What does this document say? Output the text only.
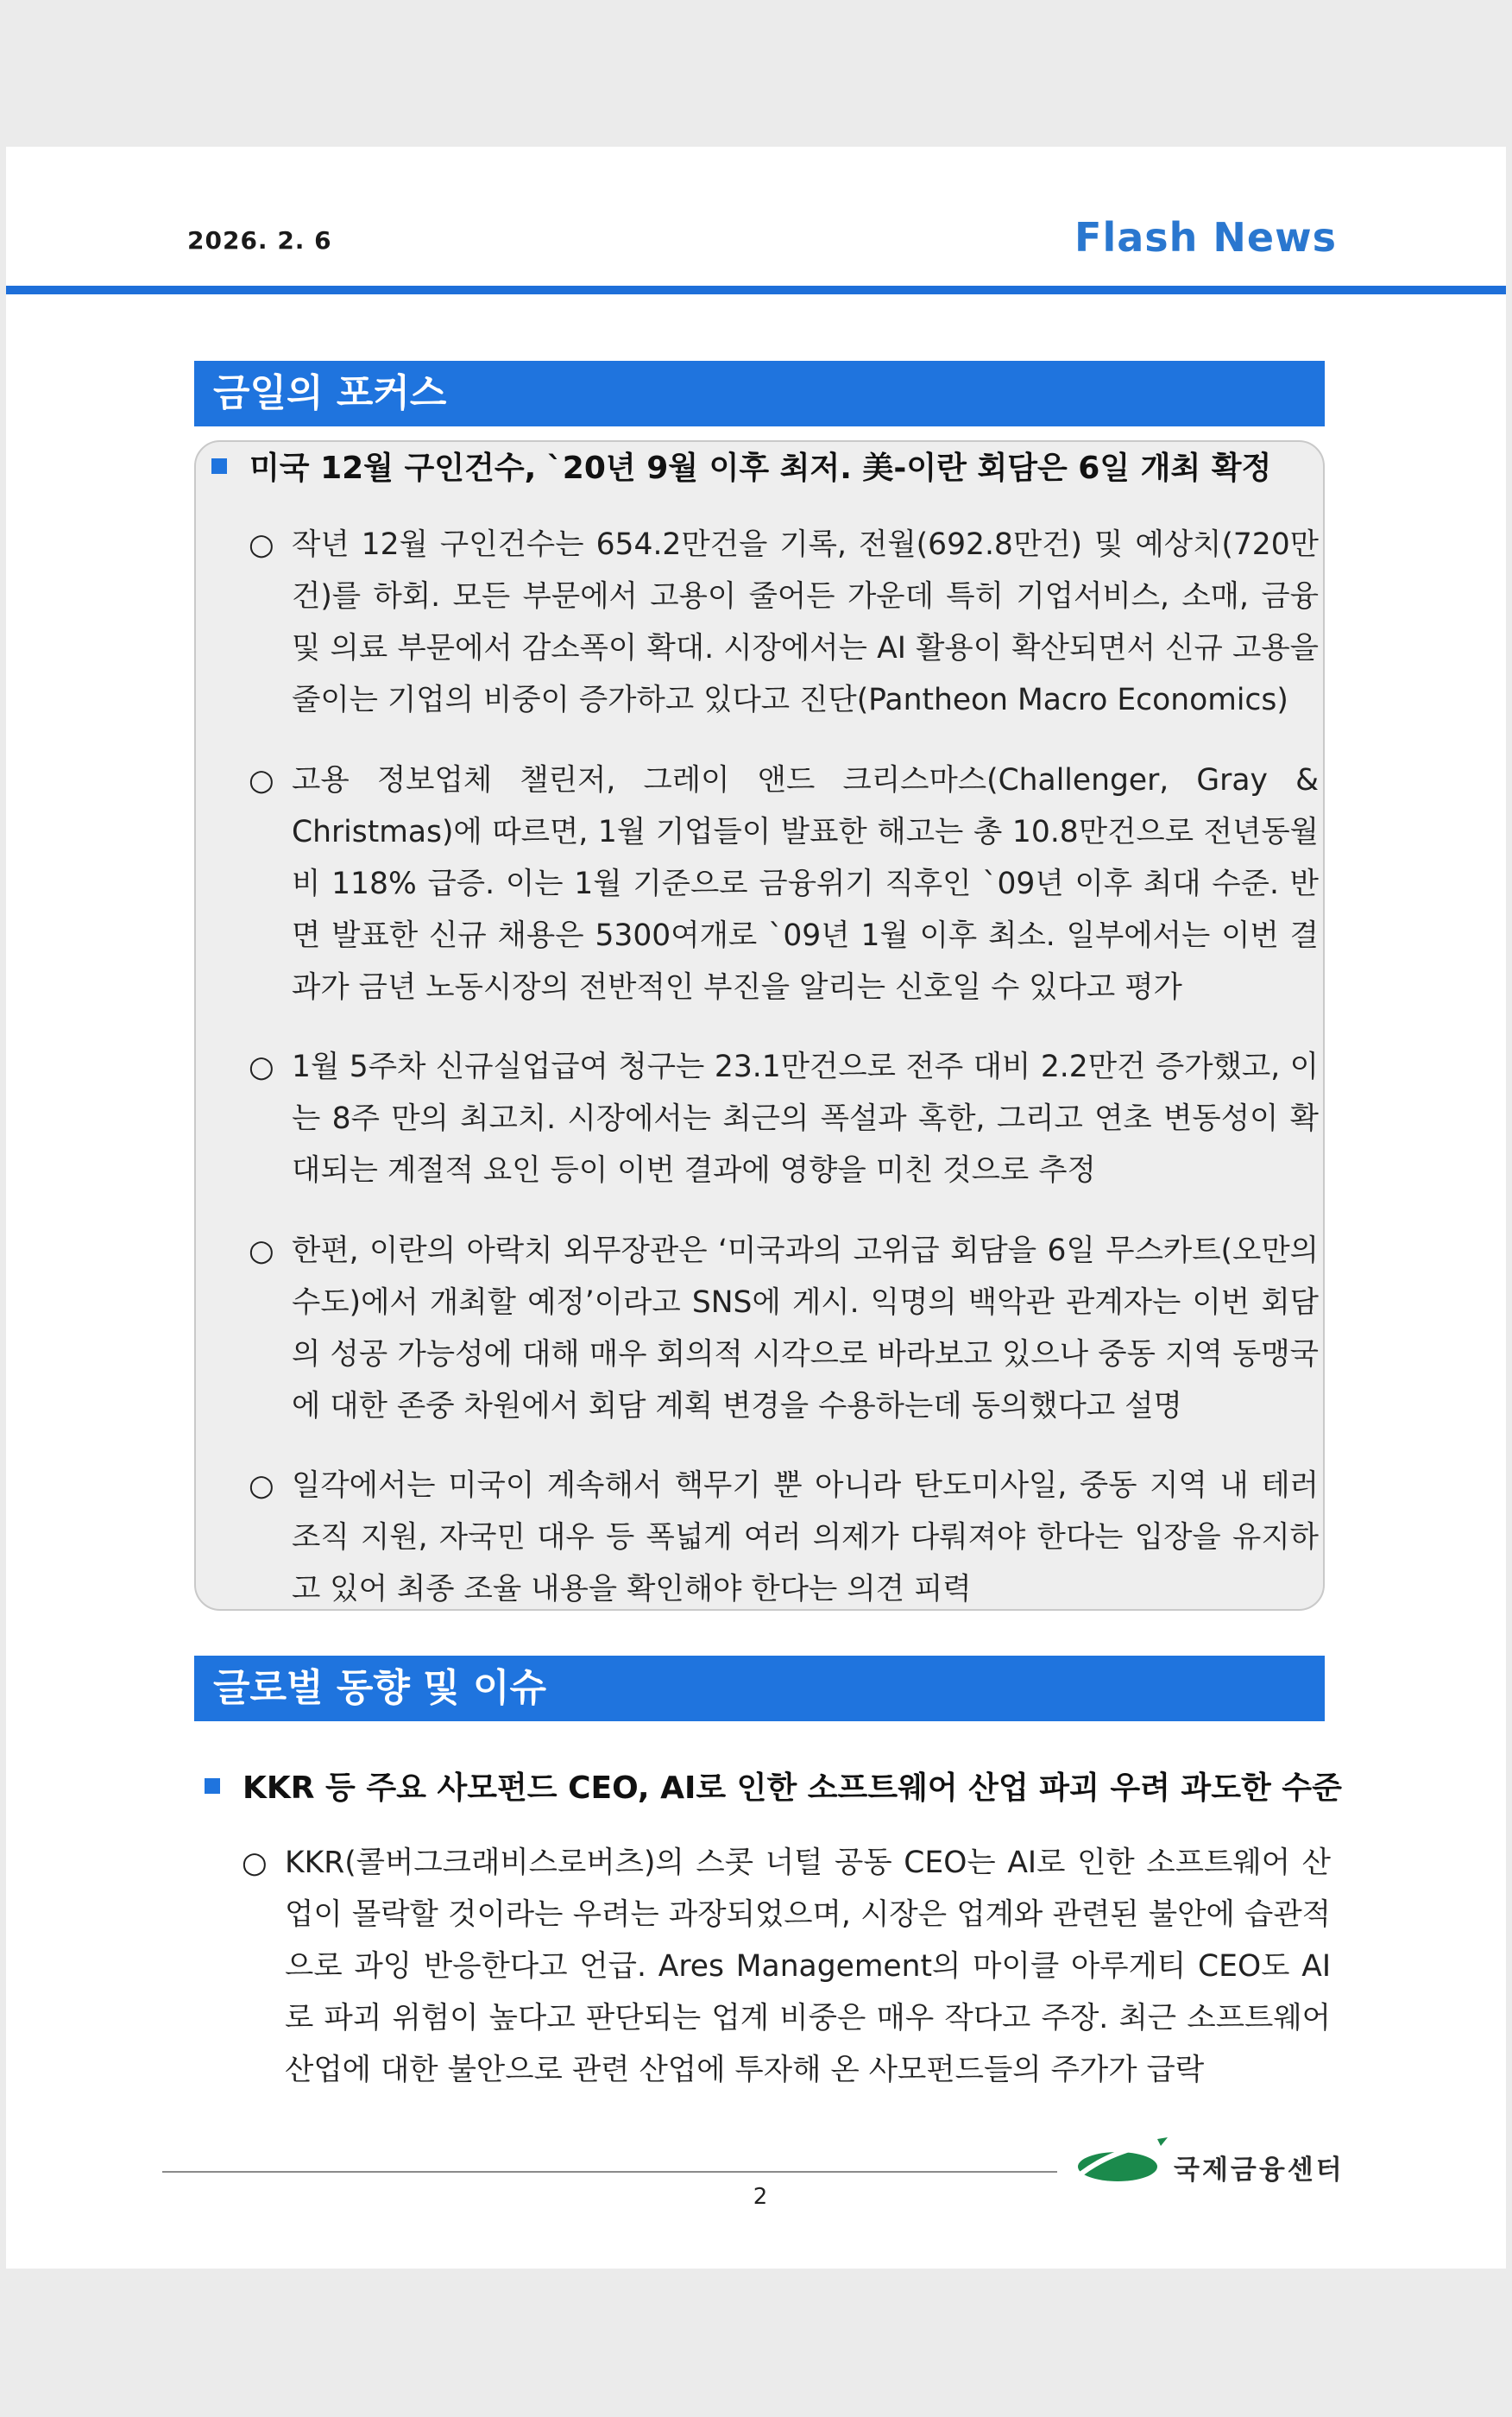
2026. 2. 6	Flash News
금일의 포커스
미국 12월 구인건수, `20년 9월 이후 최저. 美-이란 회담은 6일 개최 확정
○ 작년 12월 구인건수는 654.2만건을 기록, 전월(692.8만건) 및 예상치(720만건)를 하회. 모든 부문에서 고용이 줄어든 가운데 특히 기업서비스, 소매, 금융 및 의료 부문에서 감소폭이 확대. 시장에서는 AI 활용이 확산되면서 신규 고용을 줄이는 기업의 비중이 증가하고 있다고 진단(Pantheon Macro Economics)
○ 고용 정보업체 챌린저, 그레이 앤드 크리스마스(Challenger, Gray & Christmas)에 따르면, 1월 기업들이 발표한 해고는 총 10.8만건으로 전년동월비 118% 급증. 이는 1월 기준으로 금융위기 직후인 `09년 이후 최대 수준. 반면 발표한 신규 채용은 5300여개로 `09년 1월 이후 최소. 일부에서는 이번 결과가 금년 노동시장의 전반적인 부진을 알리는 신호일 수 있다고 평가
○ 1월 5주차 신규실업급여 청구는 23.1만건으로 전주 대비 2.2만건 증가했고, 이는 8주 만의 최고치. 시장에서는 최근의 폭설과 혹한, 그리고 연초 변동성이 확대되는 계절적 요인 등이 이번 결과에 영향을 미친 것으로 추정
○ 한편, 이란의 아락치 외무장관은 ‘미국과의 고위급 회담을 6일 무스카트(오만의 수도)에서 개최할 예정’이라고 SNS에 게시. 익명의 백악관 관계자는 이번 회담의 성공 가능성에 대해 매우 회의적 시각으로 바라보고 있으나 중동 지역 동맹국에 대한 존중 차원에서 회담 계획 변경을 수용하는데 동의했다고 설명
○ 일각에서는 미국이 계속해서 핵무기 뿐 아니라 탄도미사일, 중동 지역 내 테러 조직 지원, 자국민 대우 등 폭넓게 여러 의제가 다뤄져야 한다는 입장을 유지하고 있어 최종 조율 내용을 확인해야 한다는 의견 피력
글로벌 동향 및 이슈
KKR 등 주요 사모펀드 CEO, AI로 인한 소프트웨어 산업 파괴 우려 과도한 수준
○ KKR(콜버그크래비스로버츠)의 스콧 너털 공동 CEO는 AI로 인한 소프트웨어 산업이 몰락할 것이라는 우려는 과장되었으며, 시장은 업계와 관련된 불안에 습관적으로 과잉 반응한다고 언급. Ares Management의 마이클 아루게티 CEO도 AI로 파괴 위험이 높다고 판단되는 업계 비중은 매우 작다고 주장. 최근 소프트웨어 산업에 대한 불안으로 관련 산업에 투자해 온 사모펀드들의 주가가 급락
2
국제금융센터
